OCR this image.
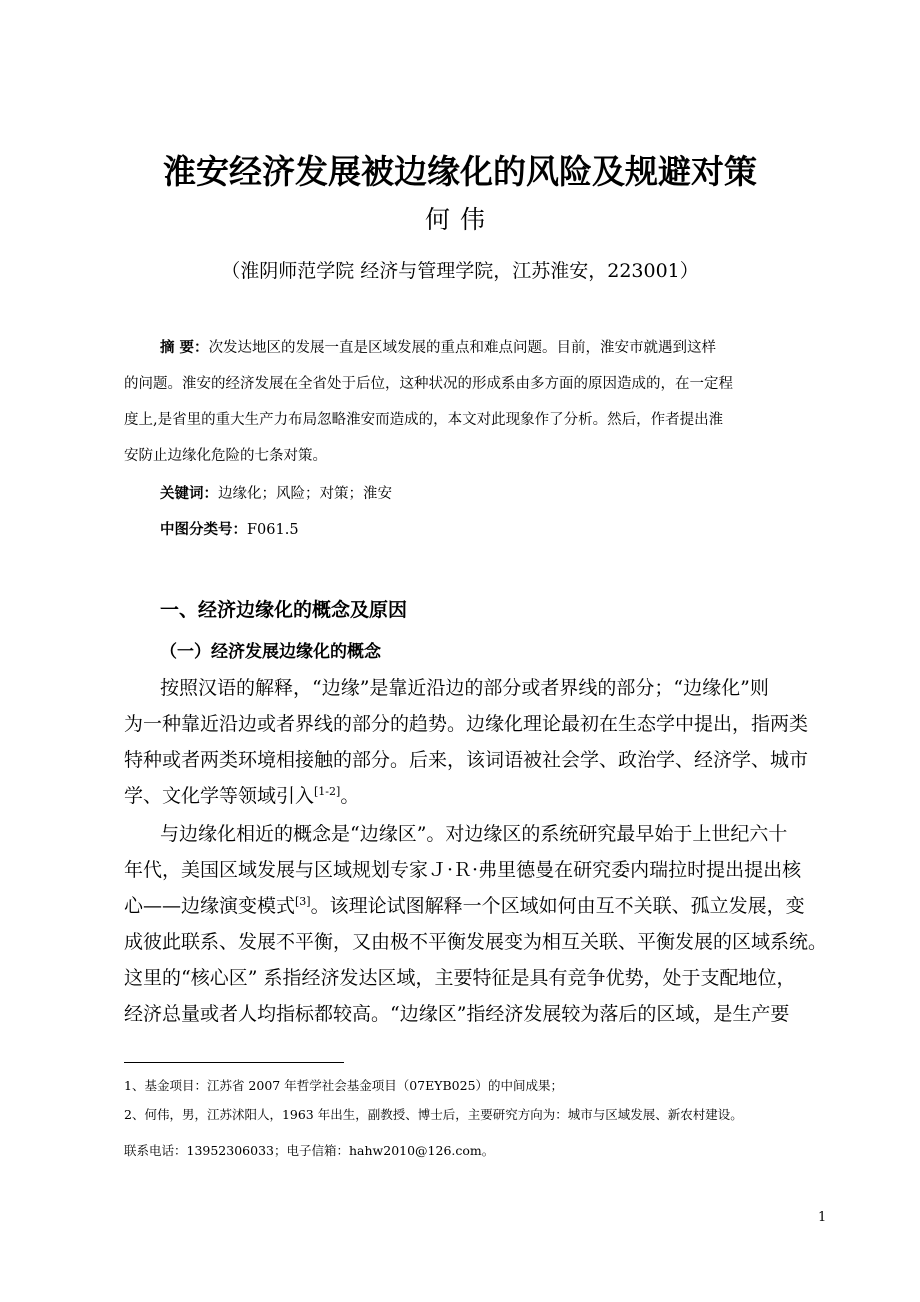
淮安经济发展被边缘化的风险及规避对策
何伟
（淮阴师范学院 经济与管理学院，江苏淮安，223001）
摘 要：次发达地区的发展一直是区域发展的重点和难点问题。目前，淮安市就遇到这样
的问题。淮安的经济发展在全省处于后位，这种状况的形成系由多方面的原因造成的，在一定程
度上,是省里的重大生产力布局忽略淮安而造成的，本文对此现象作了分析。然后，作者提出淮
安防止边缘化危险的七条对策。
关键词：边缘化；风险；对策；淮安
中图分类号：F061.5
一、经济边缘化的概念及原因
（一）经济发展边缘化的概念
按照汉语的解释，“边缘”是靠近沿边的部分或者界线的部分；“边缘化”则
为一种靠近沿边或者界线的部分的趋势。边缘化理论最初在生态学中提出，指两类
特种或者两类环境相接触的部分。后来，该词语被社会学、政治学、经济学、城市
学、文化学等领域引入[1-2]。
与边缘化相近的概念是“边缘区”。对边缘区的系统研究最早始于上世纪六十
年代，美国区域发展与区域规划专家Ｊ·Ｒ·弗里德曼在研究委内瑞拉时提出提出核
心——边缘演变模式[3]。该理论试图解释一个区域如何由互不关联、孤立发展，变
成彼此联系、发展不平衡，又由极不平衡发展变为相互关联、平衡发展的区域系统。
这里的“核心区” 系指经济发达区域，主要特征是具有竞争优势，处于支配地位，
经济总量或者人均指标都较高。“边缘区”指经济发展较为落后的区域，是生产要
1、基金项目：江苏省 2007 年哲学社会基金项目（07EYB025）的中间成果；
2、何伟，男，江苏沭阳人，1963 年出生，副教授、博士后，主要研究方向为：城市与区域发展、新农村建设。
联系电话：13952306033；电子信箱：hahw2010@126.com。
1
